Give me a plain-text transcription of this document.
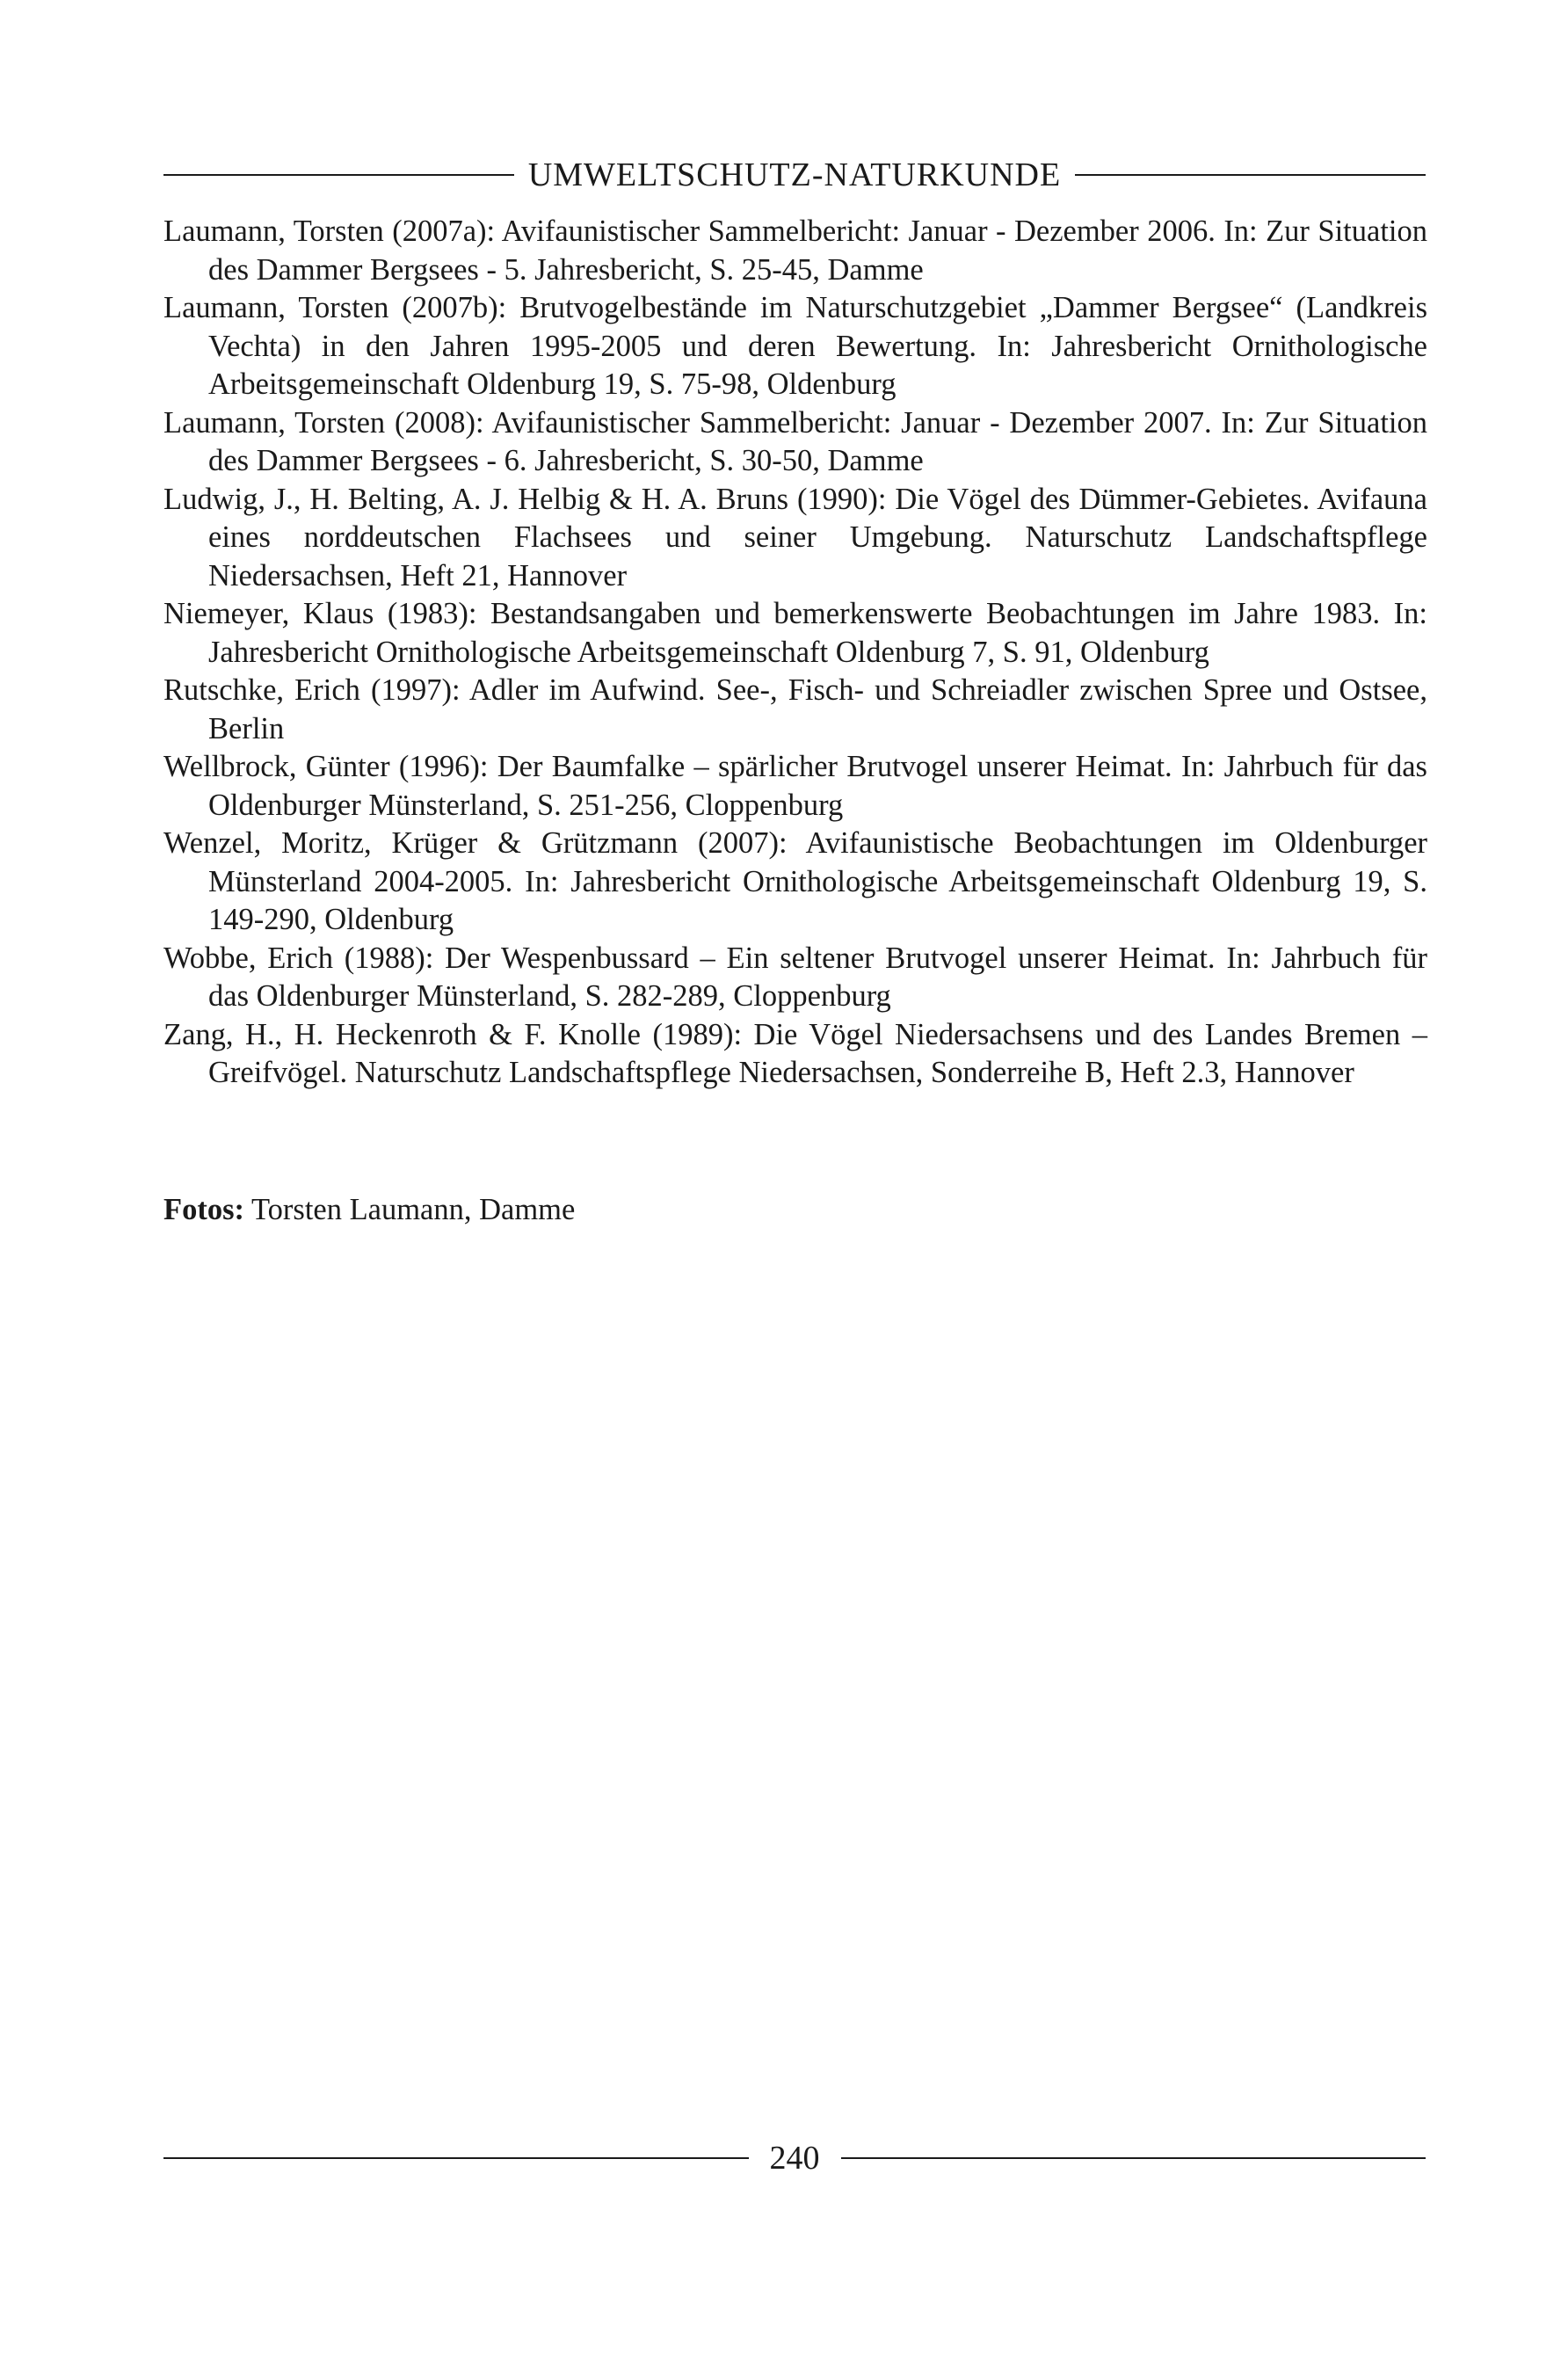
UMWELTSCHUTZ-NATURKUNDE

Laumann, Torsten (2007a): Avifaunistischer Sammelbericht: Januar - Dezember 2006. In: Zur Situation des Dammer Bergsees - 5. Jahresbericht, S. 25-45, Damme

Laumann, Torsten (2007b): Brutvogelbestände im Naturschutzgebiet „Dammer Bergsee“ (Landkreis Vechta) in den Jahren 1995-2005 und deren Bewertung. In: Jahresbericht Ornithologische Arbeitsgemeinschaft Oldenburg 19, S. 75-98, Oldenburg

Laumann, Torsten (2008): Avifaunistischer Sammelbericht: Januar - Dezember 2007. In: Zur Situation des Dammer Bergsees - 6. Jahresbericht, S. 30-50, Damme

Ludwig, J., H. Belting, A. J. Helbig & H. A. Bruns (1990): Die Vögel des Dümmer-Gebietes. Avifauna eines norddeutschen Flachsees und seiner Umgebung. Naturschutz Landschaftspflege Niedersachsen, Heft 21, Hannover

Niemeyer, Klaus (1983): Bestandsangaben und bemerkenswerte Beobachtungen im Jahre 1983. In: Jahresbericht Ornithologische Arbeitsgemeinschaft Oldenburg 7, S. 91, Oldenburg

Rutschke, Erich (1997): Adler im Aufwind. See-, Fisch- und Schreiadler zwischen Spree und Ostsee, Berlin

Wellbrock, Günter (1996): Der Baumfalke – spärlicher Brutvogel unserer Heimat. In: Jahrbuch für das Oldenburger Münsterland, S. 251-256, Cloppenburg

Wenzel, Moritz, Krüger & Grützmann (2007): Avifaunistische Beobachtungen im Oldenburger Münsterland 2004-2005. In: Jahresbericht Ornithologische Arbeitsgemeinschaft Oldenburg 19, S. 149-290, Oldenburg

Wobbe, Erich (1988): Der Wespenbussard – Ein seltener Brutvogel unserer Heimat. In: Jahrbuch für das Oldenburger Münsterland, S. 282-289, Cloppenburg

Zang, H., H. Heckenroth & F. Knolle (1989): Die Vögel Niedersachsens und des Landes Bremen – Greifvögel. Naturschutz Landschaftspflege Niedersachsen, Sonderreihe B, Heft 2.3, Hannover

Fotos: Torsten Laumann, Damme
240
